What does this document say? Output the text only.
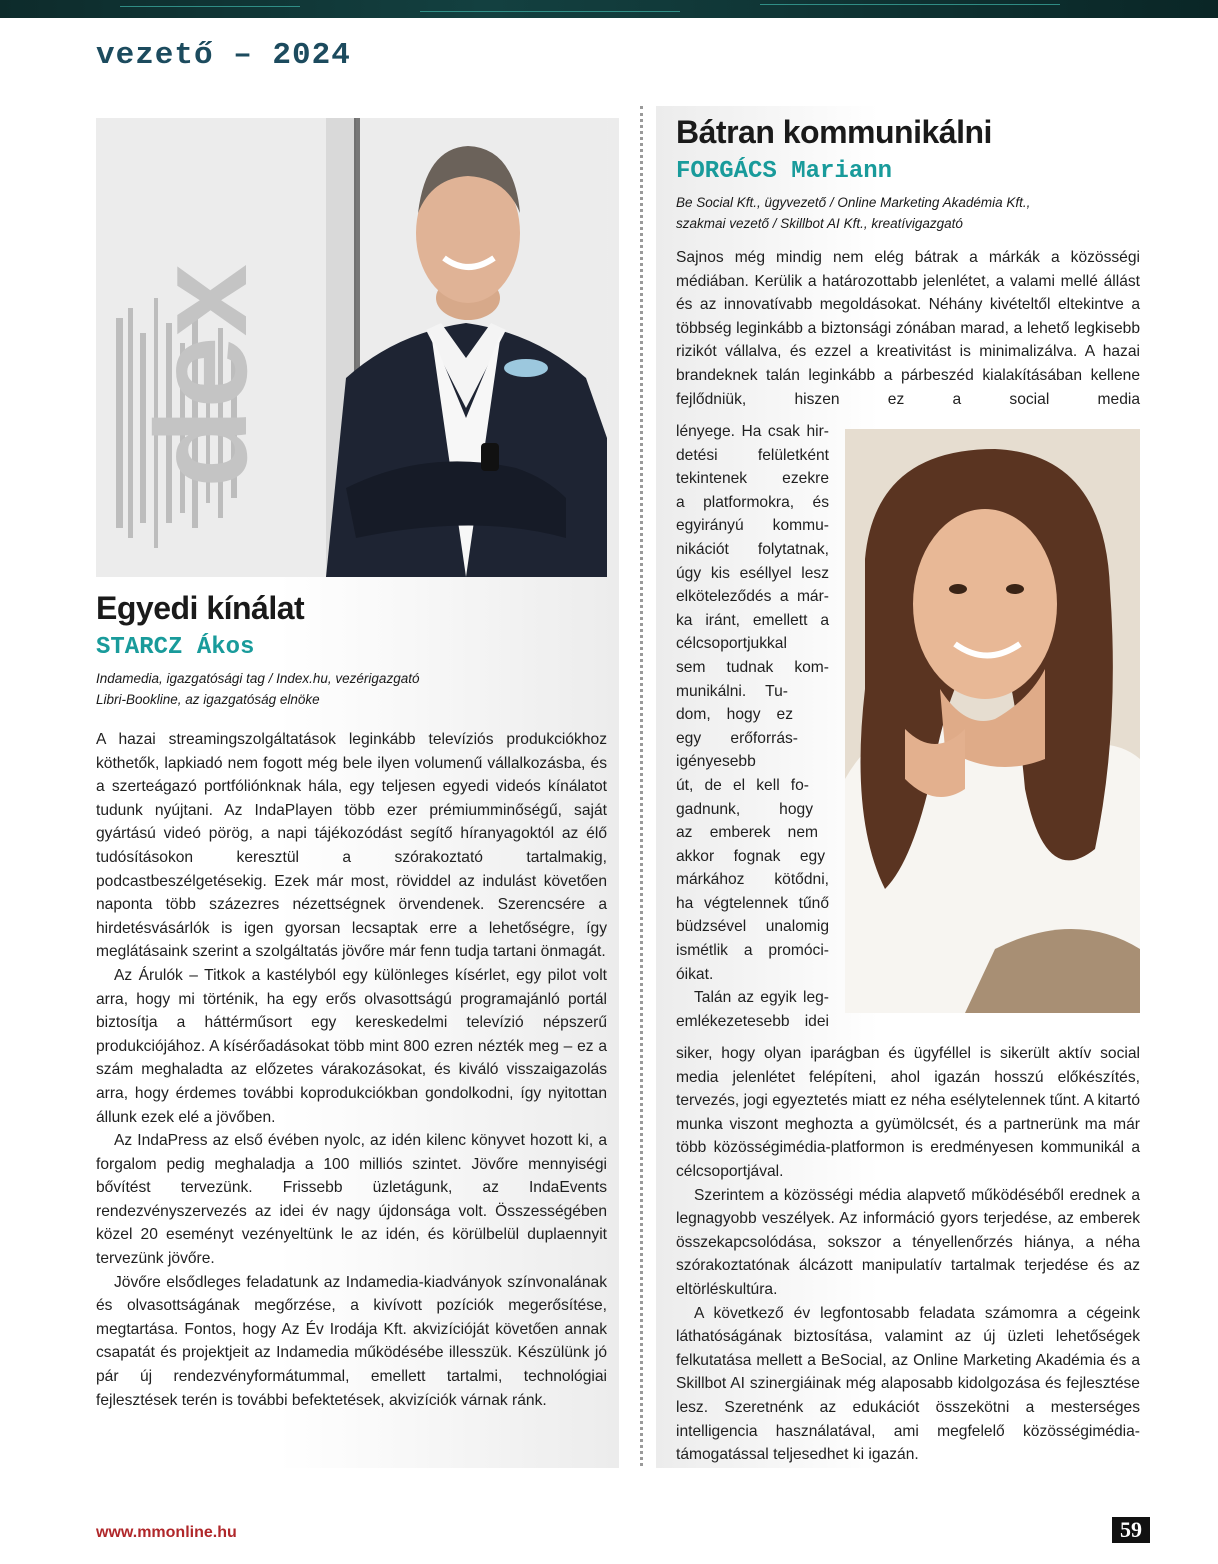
vezető – 2024
dex
Egyedi kínálat
STARCZ Ákos
Indamedia, igazgatósági tag / Index.hu, vezérigazgató
Libri-Bookline, az igazgatóság elnöke

A hazai streamingszolgáltatások leginkább televíziós produkciókhoz köthetők, lapkiadó nem fogott még bele ilyen volumenű vállalkozásba, és a szerteágazó portfóliónknak hála, egy teljesen egyedi videós kínálatot tudunk nyújtani. Az IndaPlayen több ezer prémiumminőségű, saját gyártású videó pörög, a napi tájékozódást segítő híranyagoktól az élő tudósításokon keresztül a szórakoztató tartalmakig, podcastbeszélgetésekig. Ezek már most, röviddel az indulást követően naponta több százezres nézettségnek örvendenek. Szerencsére a hirdetésvásárlók is igen gyorsan lecsaptak erre a lehetőségre, így meglátásaink szerint a szolgáltatás jövőre már fenn tudja tartani önmagát.

Az Árulók – Titkok a kastélyból egy különleges kísérlet, egy pilot volt arra, hogy mi történik, ha egy erős olvasottságú programajánló portál biztosítja a háttérműsort egy kereskedelmi televízió népszerű produkciójához. A kísérőadásokat több mint 800 ezren nézték meg – ez a szám meghaladta az előzetes várakozásokat, és kiváló visszaigazolás arra, hogy érdemes további koprodukciókban gondolkodni, így nyitottan állunk ezek elé a jövőben.

Az IndaPress az első évében nyolc, az idén kilenc könyvet hozott ki, a forgalom pedig meghaladja a 100 milliós szintet. Jövőre mennyiségi bővítést tervezünk. Frissebb üzletágunk, az IndaEvents rendezvényszervezés az idei év nagy újdonsága volt. Összességében közel 20 eseményt vezényeltünk le az idén, és körülbelül duplaennyit tervezünk jövőre.

Jövőre elsődleges feladatunk az Indamedia-kiadványok színvonalának és olvasottságának megőrzése, a kivívott pozíciók megerősítése, megtartása. Fontos, hogy Az Év Irodája Kft. akvizícióját követően annak csapatát és projektjeit az Indamedia működésébe illesszük. Készülünk jó pár új rendezvényformátummal, emellett tartalmi, technológiai fejlesztések terén is további befektetések, akvizíciók várnak ránk.

Bátran kommunikálni
FORGÁCS Mariann
Be Social Kft., ügyvezető / Online Marketing Akadémia Kft.,
szakmai vezető / Skillbot AI Kft., kreatívigazgató

Sajnos még mindig nem elég bátrak a márkák a közösségi médiában. Kerülik a határozottabb jelenlétet, a valami mellé állást és az innovatívabb megoldásokat. Néhány kivételtől eltekintve a többség leginkább a biztonsági zónában marad, a lehető legkisebb rizikót vállalva, és ezzel a kreativitást is minimalizálva. A hazai brandeknek talán leginkább a párbeszéd kialakításában kellene fejlődniük, hiszen ez a social media

lényege. Ha csak hir-
detési felületként
tekintenek ezekre
a platformokra, és
egyirányú kommu-
nikációt folytatnak,
úgy kis eséllyel lesz
elköteleződés a már-
ka iránt, emellett a
célcsoportjukkal
sem tudnak kom-
munikálni. Tu-
dom, hogy ez
egy erőforrás-
igényesebb
út, de el kell fo-
gadnunk, hogy
az emberek nem
akkor fognak egy
márkához kötődni,
ha végtelennek tűnő
büdzsével unalomig
ismétlik a promóci-
óikat.
Talán az egyik leg-
emlékezetesebb idei

siker, hogy olyan iparágban és ügyféllel is sikerült aktív social media jelenlétet felépíteni, ahol igazán hosszú előkészítés, tervezés, jogi egyeztetés miatt ez néha esélytelennek tűnt. A kitartó munka viszont meghozta a gyümölcsét, és a partnerünk ma már több közösségimédia-platformon is eredményesen kommunikál a célcsoportjával.

Szerintem a közösségi média alapvető működéséből erednek a legnagyobb veszélyek. Az információ gyors terjedése, az emberek összekapcsolódása, sokszor a tényellenőrzés hiánya, a néha szórakoztatónak álcázott manipulatív tartalmak terjedése és az eltörléskultúra.

A következő év legfontosabb feladata számomra a cégeink láthatóságának biztosítása, valamint az új üzleti lehetőségek felkutatása mellett a BeSocial, az Online Marketing Akadémia és a Skillbot AI szinergiáinak még alaposabb kidolgozása és fejlesztése lesz. Szeretnénk az edukációt összekötni a mesterséges intelligencia használatával, ami megfelelő közösségimédia-támogatással teljesedhet ki igazán.

www.mmonline.hu	59
